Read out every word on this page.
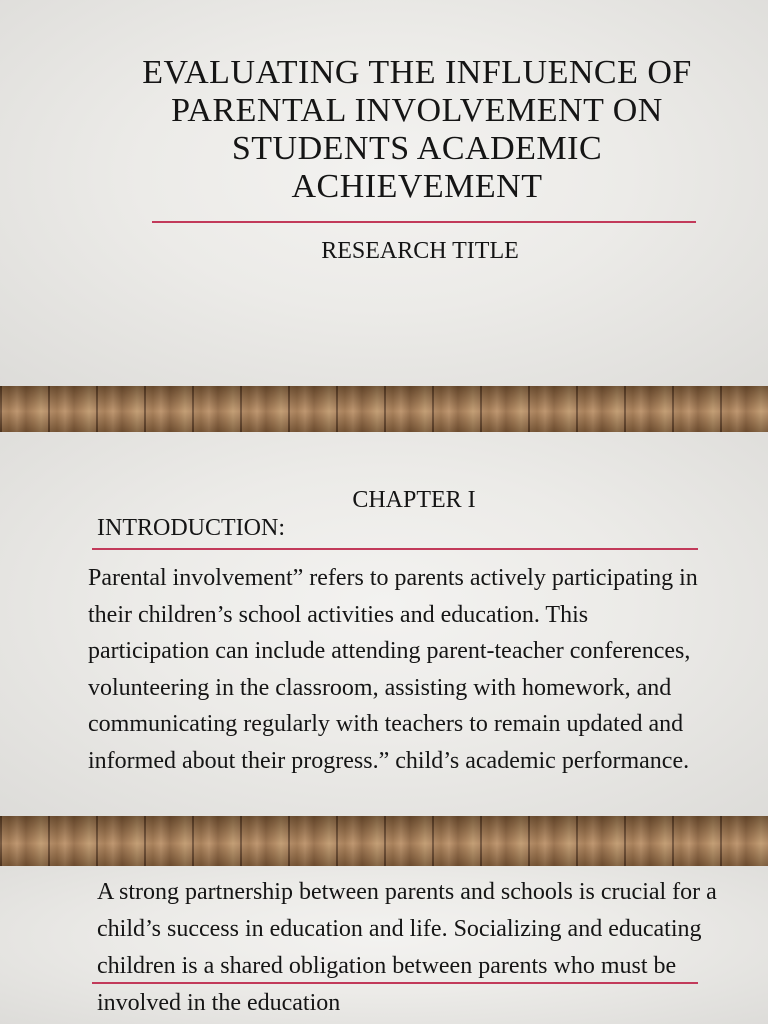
EVALUATING THE INFLUENCE OF PARENTAL INVOLVEMENT ON STUDENTS ACADEMIC ACHIEVEMENT
RESEARCH TITLE
CHAPTER I
INTRODUCTION:

Parental involvement” refers to parents actively participating in their children’s school activities and education. This participation can include attending parent-teacher conferences, volunteering in the classroom, assisting with homework, and communicating regularly with teachers to remain updated and informed about their progress.” child’s academic performance.

A strong partnership between parents and schools is crucial for a child’s success in education and life. Socializing and educating children is a shared obligation between parents who must be involved in the education
